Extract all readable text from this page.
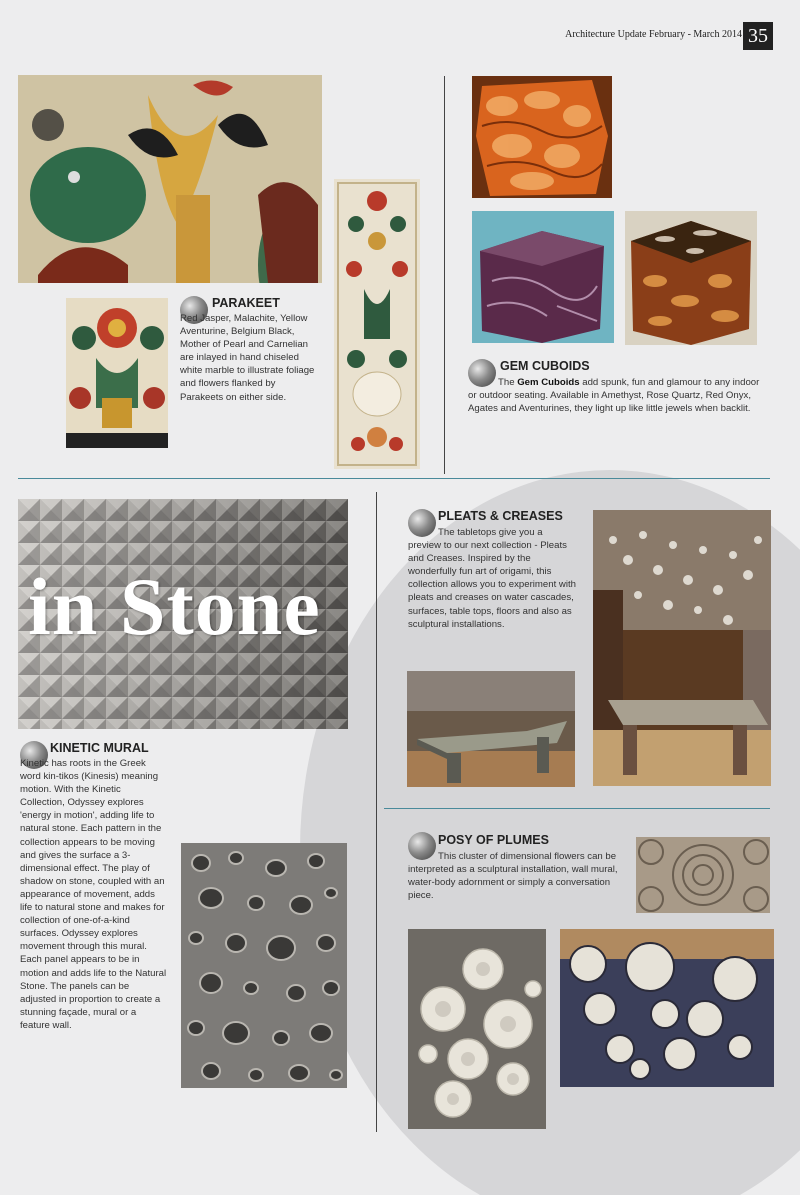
Architecture Update February - March 2014 35
PARAKEET
Red Jasper, Malachite, Yellow Aventurine, Belgium Black, Mother of Pearl and Carnelian are inlayed in hand chiseled white marble to illustrate foliage and flowers flanked by Parakeets on either side.
GEM CUBOIDS
The Gem Cuboids add spunk, fun and glamour to any indoor or outdoor seating. Available in Amethyst, Rose Quartz, Red Onyx, Agates and Aventurines, they light up like little jewels when backlit.
in Stone
KINETIC MURAL
Kinetic has roots in the Greek word kin-tikos (Kinesis) meaning motion. With the Kinetic Collection, Odyssey explores 'energy in motion', adding life to natural stone. Each pattern in the collection appears to be moving and gives the surface a 3-dimensional effect. The play of shadow on stone, coupled with an appearance of movement, adds life to natural stone and makes for collection of one-of-a-kind surfaces. Odyssey explores movement through this mural. Each panel appears to be in motion and adds life to the Natural Stone. The panels can be adjusted in proportion to create a stunning façade, mural or a feature wall.
PLEATS & CREASES
The tabletops give you a preview to our next collection - Pleats and Creases. Inspired by the wonderfully fun art of origami, this collection allows you to experiment with pleats and creases on water cascades, surfaces, table tops, floors and also as sculptural installations.
POSY OF PLUMES
This cluster of dimensional flowers can be interpreted as a sculptural installation, wall mural, water-body adornment or simply a conversation piece.
